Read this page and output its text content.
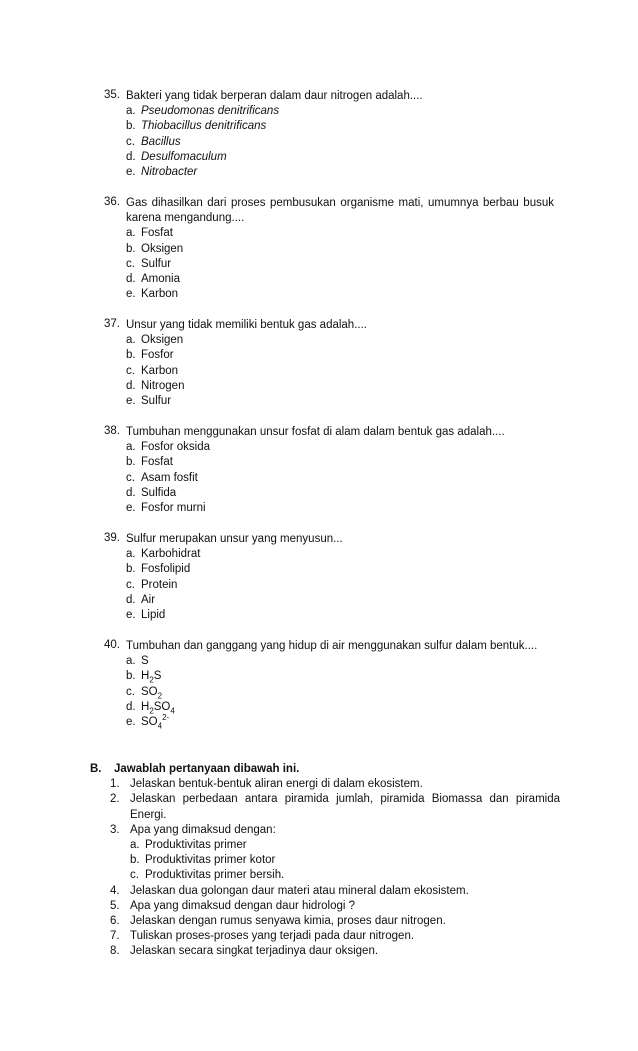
35. Bakteri yang tidak berperan dalam daur nitrogen adalah....
a. Pseudomonas denitrificans
b. Thiobacillus denitrificans
c. Bacillus
d. Desulfomaculum
e. Nitrobacter
36. Gas dihasilkan dari proses pembusukan organisme mati, umumnya berbau busuk karena mengandung....
a. Fosfat
b. Oksigen
c. Sulfur
d. Amonia
e. Karbon
37. Unsur yang tidak memiliki bentuk gas adalah....
a. Oksigen
b. Fosfor
c. Karbon
d. Nitrogen
e. Sulfur
38. Tumbuhan menggunakan unsur fosfat di alam dalam bentuk gas adalah....
a. Fosfor oksida
b. Fosfat
c. Asam fosfit
d. Sulfida
e. Fosfor murni
39. Sulfur merupakan unsur yang menyusun...
a. Karbohidrat
b. Fosfolipid
c. Protein
d. Air
e. Lipid
40. Tumbuhan dan ganggang yang hidup di air menggunakan sulfur dalam bentuk....
a. S
b. $H_2S$
c. $SO_2$
d. $H_2SO_4$
e. $SO_4^{2-}$
B. Jawablah pertanyaan dibawah ini.
1. Jelaskan bentuk-bentuk aliran energi di dalam ekosistem.
2. Jelaskan perbedaan antara piramida jumlah, piramida Biomassa dan piramida Energi.
3. Apa yang dimaksud dengan:
a. Produktivitas primer
b. Produktivitas primer kotor
c. Produktivitas primer bersih.
4. Jelaskan dua golongan daur materi atau mineral dalam ekosistem.
5. Apa yang dimaksud dengan daur hidrologi ?
6. Jelaskan dengan rumus senyawa kimia, proses daur nitrogen.
7. Tuliskan proses-proses yang terjadi pada daur nitrogen.
8. Jelaskan secara singkat terjadinya daur oksigen.
